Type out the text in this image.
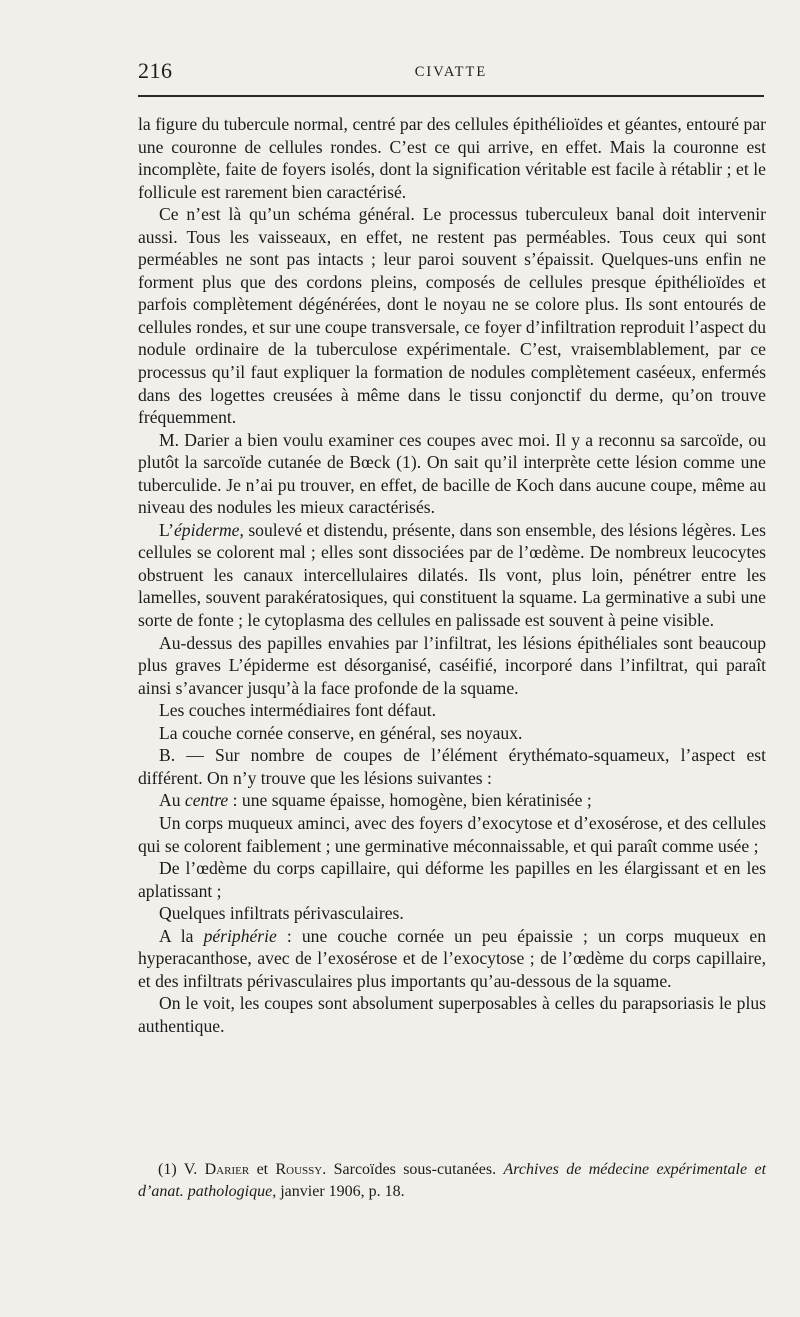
216	CIVATTE

la figure du tubercule normal, centré par des cellules épithélioïdes et géantes, entouré par une couronne de cellules rondes. C’est ce qui arrive, en effet. Mais la couronne est incomplète, faite de foyers isolés, dont la signification véritable est facile à rétablir ; et le follicule est rarement bien caractérisé.

Ce n’est là qu’un schéma général. Le processus tuberculeux banal doit intervenir aussi. Tous les vaisseaux, en effet, ne restent pas perméables. Tous ceux qui sont perméables ne sont pas intacts ; leur paroi souvent s’épaissit. Quelques-uns enfin ne forment plus que des cordons pleins, composés de cellules presque épithélioïdes et parfois complètement dégénérées, dont le noyau ne se colore plus. Ils sont entourés de cellules rondes, et sur une coupe transversale, ce foyer d’infiltration reproduit l’aspect du nodule ordinaire de la tuberculose expérimentale. C’est, vraisemblablement, par ce processus qu’il faut expliquer la formation de nodules complètement caséeux, enfermés dans des logettes creusées à même dans le tissu conjonctif du derme, qu’on trouve fréquemment.

M. Darier a bien voulu examiner ces coupes avec moi. Il y a reconnu sa sarcoïde, ou plutôt la sarcoïde cutanée de Bœck (1). On sait qu’il interprète cette lésion comme une tuberculide. Je n’ai pu trouver, en effet, de bacille de Koch dans aucune coupe, même au niveau des nodules les mieux caractérisés.

L’épiderme, soulevé et distendu, présente, dans son ensemble, des lésions légères. Les cellules se colorent mal ; elles sont dissociées par de l’œdème. De nombreux leucocytes obstruent les canaux intercellulaires dilatés. Ils vont, plus loin, pénétrer entre les lamelles, souvent parakératosiques, qui constituent la squame. La germinative a subi une sorte de fonte ; le cytoplasma des cellules en palissade est souvent à peine visible.

Au-dessus des papilles envahies par l’infiltrat, les lésions épithéliales sont beaucoup plus graves L’épiderme est désorganisé, caséifié, incorporé dans l’infiltrat, qui paraît ainsi s’avancer jusqu’à la face profonde de la squame.

Les couches intermédiaires font défaut.

La couche cornée conserve, en général, ses noyaux.

B. — Sur nombre de coupes de l’élément érythémato-squameux, l’aspect est différent. On n’y trouve que les lésions suivantes :

Au centre : une squame épaisse, homogène, bien kératinisée ;

Un corps muqueux aminci, avec des foyers d’exocytose et d’exosérose, et des cellules qui se colorent faiblement ; une germinative méconnaissable, et qui paraît comme usée ;

De l’œdème du corps capillaire, qui déforme les papilles en les élargissant et en les aplatissant ;

Quelques infiltrats périvasculaires.

A la périphérie : une couche cornée un peu épaissie ; un corps muqueux en hyperacanthose, avec de l’exosérose et de l’exocytose ; de l’œdème du corps capillaire, et des infiltrats périvasculaires plus importants qu’au-dessous de la squame.

On le voit, les coupes sont absolument superposables à celles du parapsoriasis le plus authentique.

(1) V. Darier et Roussy. Sarcoïdes sous-cutanées. Archives de médecine expérimentale et d’anat. pathologique, janvier 1906, p. 18.
